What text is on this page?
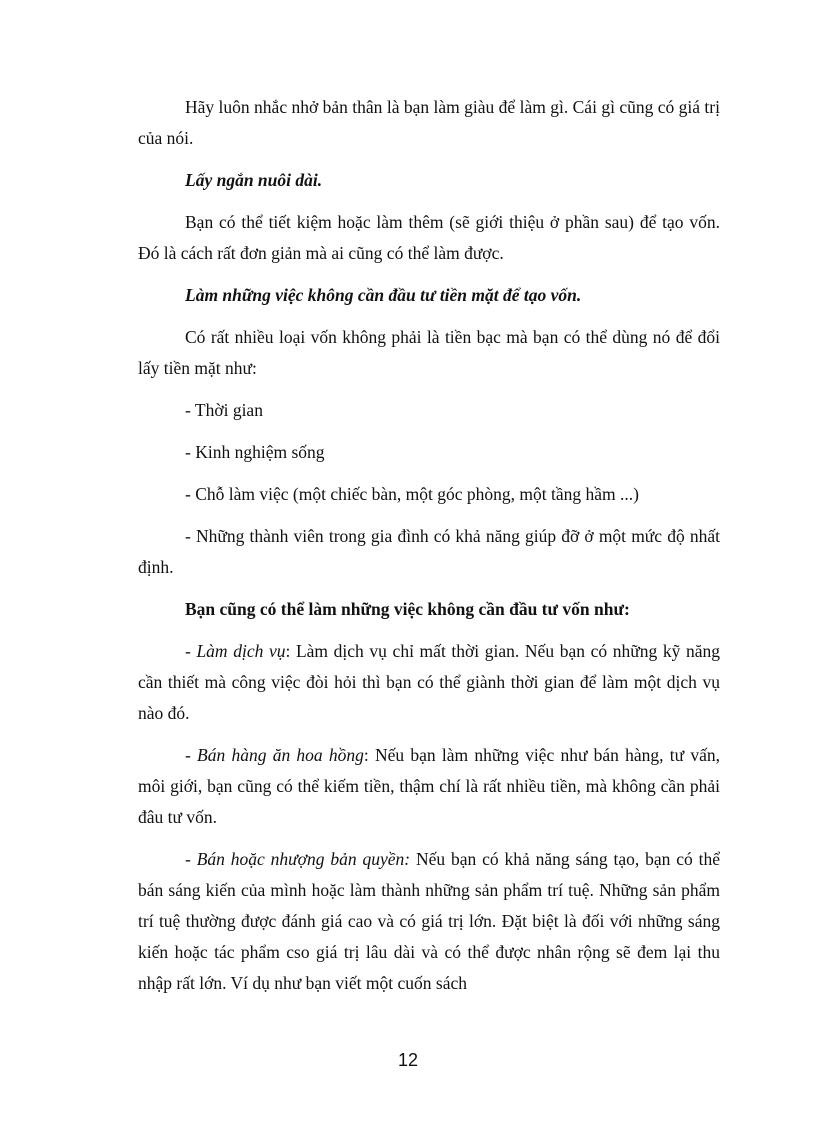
Hãy luôn nhắc nhở bản thân là bạn làm giàu để làm gì. Cái gì cũng có giá trị của nói.

Lấy ngắn nuôi dài.

Bạn có thể tiết kiệm hoặc làm thêm (sẽ giới thiệu ở phần sau) để tạo vốn. Đó là cách rất đơn giản mà ai cũng có thể làm được.

Làm những việc không cần đầu tư tiền mặt để tạo vốn.

Có rất nhiều loại vốn không phải là tiền bạc mà bạn có thể dùng nó để đổi lấy tiền mặt như:

- Thời gian

- Kinh nghiệm sống

- Chỗ làm việc (một chiếc bàn, một góc phòng, một tầng hầm ...)

- Những thành viên trong gia đình có khả năng giúp đỡ ở một mức độ nhất định.

Bạn cũng có thể làm những việc không cần đầu tư vốn như:

- Làm dịch vụ: Làm dịch vụ chỉ mất thời gian. Nếu bạn có những kỹ năng cần thiết mà công việc đòi hỏi thì bạn có thể giành thời gian để làm một dịch vụ nào đó.

- Bán hàng ăn hoa hồng: Nếu bạn làm những việc như bán hàng, tư vấn, môi giới, bạn cũng có thể kiếm tiền, thậm chí là rất nhiều tiền, mà không cần phải đâu tư vốn.

- Bán hoặc nhượng bản quyền: Nếu bạn có khả năng sáng tạo, bạn có thể bán sáng kiến của mình hoặc làm thành những sản phẩm trí tuệ. Những sản phẩm trí tuệ thường được đánh giá cao và có giá trị lớn. Đặt biệt là đối với những sáng kiến hoặc tác phẩm cso giá trị lâu dài và có thể được nhân rộng sẽ đem lại thu nhập rất lớn. Ví dụ như bạn viết một cuốn sách

12
